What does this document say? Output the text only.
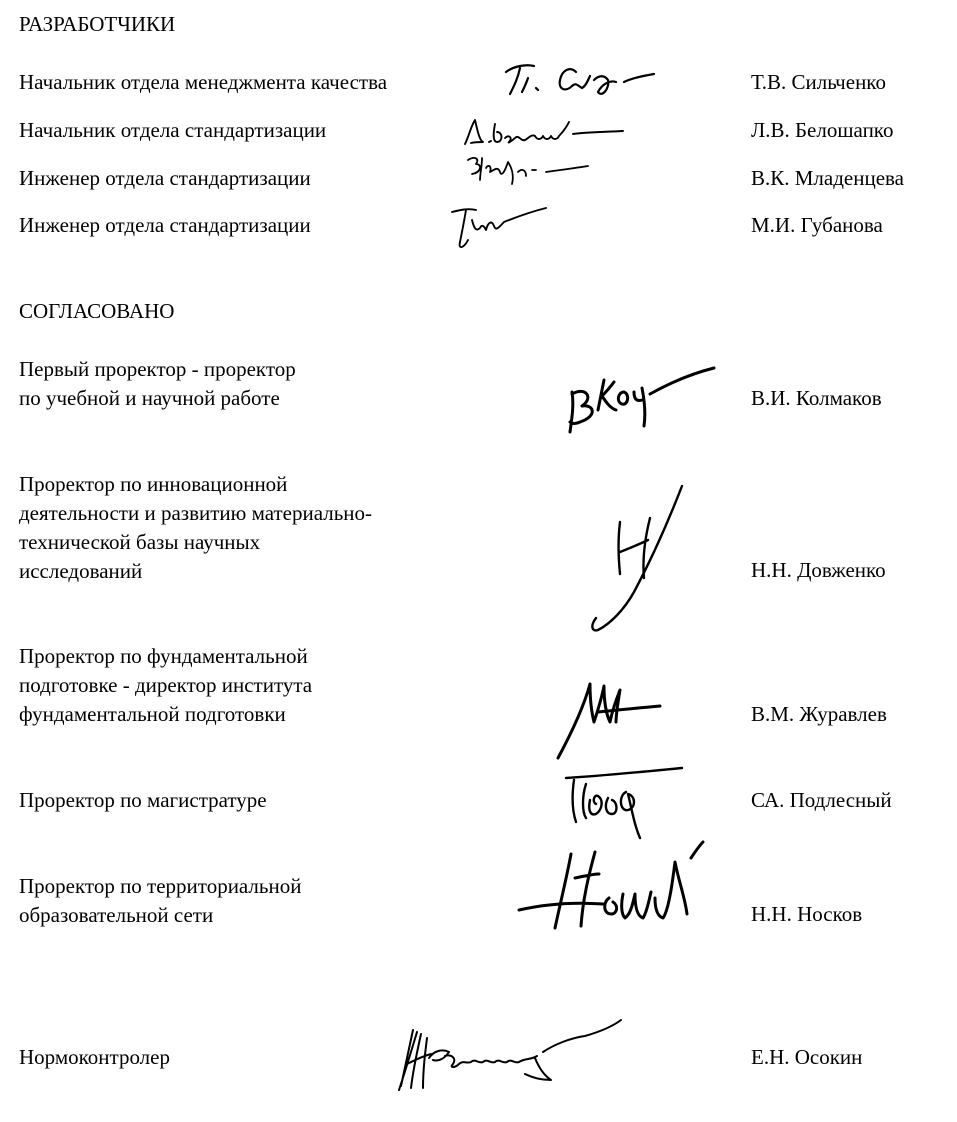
РАЗРАБОТЧИКИ
Начальник отдела менеджмента качества	Т.В. Сильченко
Начальник отдела стандартизации	Л.В. Белошапко
Инженер отдела стандартизации	В.К. Младенцева
Инженер отдела стандартизации	М.И. Губанова
СОГЛАСОВАНО
Первый проректор - проректор
по учебной и научной работе	В.И. Колмаков
Проректор по инновационной
деятельности и развитию материально-
технической базы научных
исследований	Н.Н. Довженко
Проректор по фундаментальной
подготовке - директор института
фундаментальной подготовки	В.М. Журавлев
Проректор по магистратуре	СА. Подлесный
Проректор по территориальной
образовательной сети	Н.Н. Носков
Нормоконтролер	Е.Н. Осокин
